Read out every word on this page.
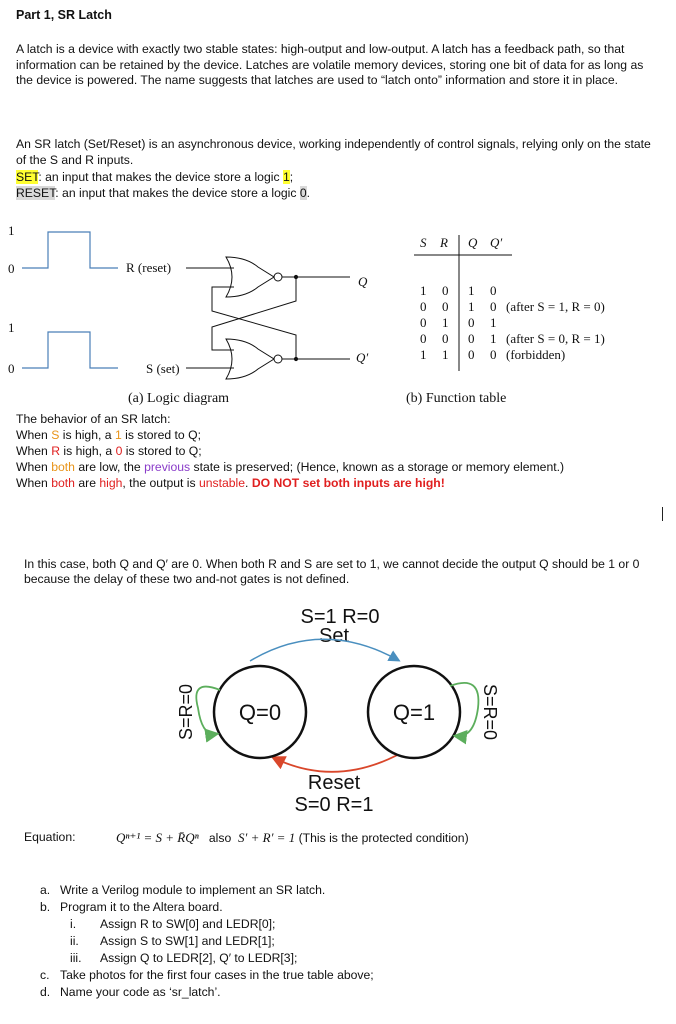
Part 1, SR Latch
A latch is a device with exactly two stable states: high-output and low-output. A latch has a feedback path, so that information can be retained by the device. Latches are volatile memory devices, storing one bit of data for as long as the device is powered. The name suggests that latches are used to “latch onto” information and store it in place.
An SR latch (Set/Reset) is an asynchronous device, working independently of control signals, relying only on the state of the S and R inputs.
SET: an input that makes the device store a logic 1;
RESET: an input that makes the device store a logic 0.
1
0
1
0
R (reset)
S (set)
Q
Q′
S R Q Q′
1 0 1 0
0 0 1 0 (after S = 1, R = 0)
0 1 0 1
0 0 0 1 (after S = 0, R = 1)
1 1 0 0 (forbidden)
(a) Logic diagram	(b) Function table
The behavior of an SR latch:
When S is high, a 1 is stored to Q;
When R is high, a 0 is stored to Q;
When both are low, the previous state is preserved; (Hence, known as a storage or memory element.)
When both are high, the output is unstable. DO NOT set both inputs are high!
In this case, both Q and Q′ are 0. When both R and S are set to 1, we cannot decide the output Q should be 1 or 0 because the delay of these two and-not gates is not defined.
S=1 R=0
Set
Reset
S=0 R=1
Q=0	Q=1
S=R=0	S=R=0
Equation:	Qⁿ⁺¹ = S + R̄Qⁿ also S′ + R′ = 1 (This is the protected condition)
a. Write a Verilog module to implement an SR latch.
b. Program it to the Altera board.
i. Assign R to SW[0] and LEDR[0];
ii. Assign S to SW[1] and LEDR[1];
iii. Assign Q to LEDR[2], Q′ to LEDR[3];
c. Take photos for the first four cases in the true table above;
d. Name your code as ‘sr_latch’.
